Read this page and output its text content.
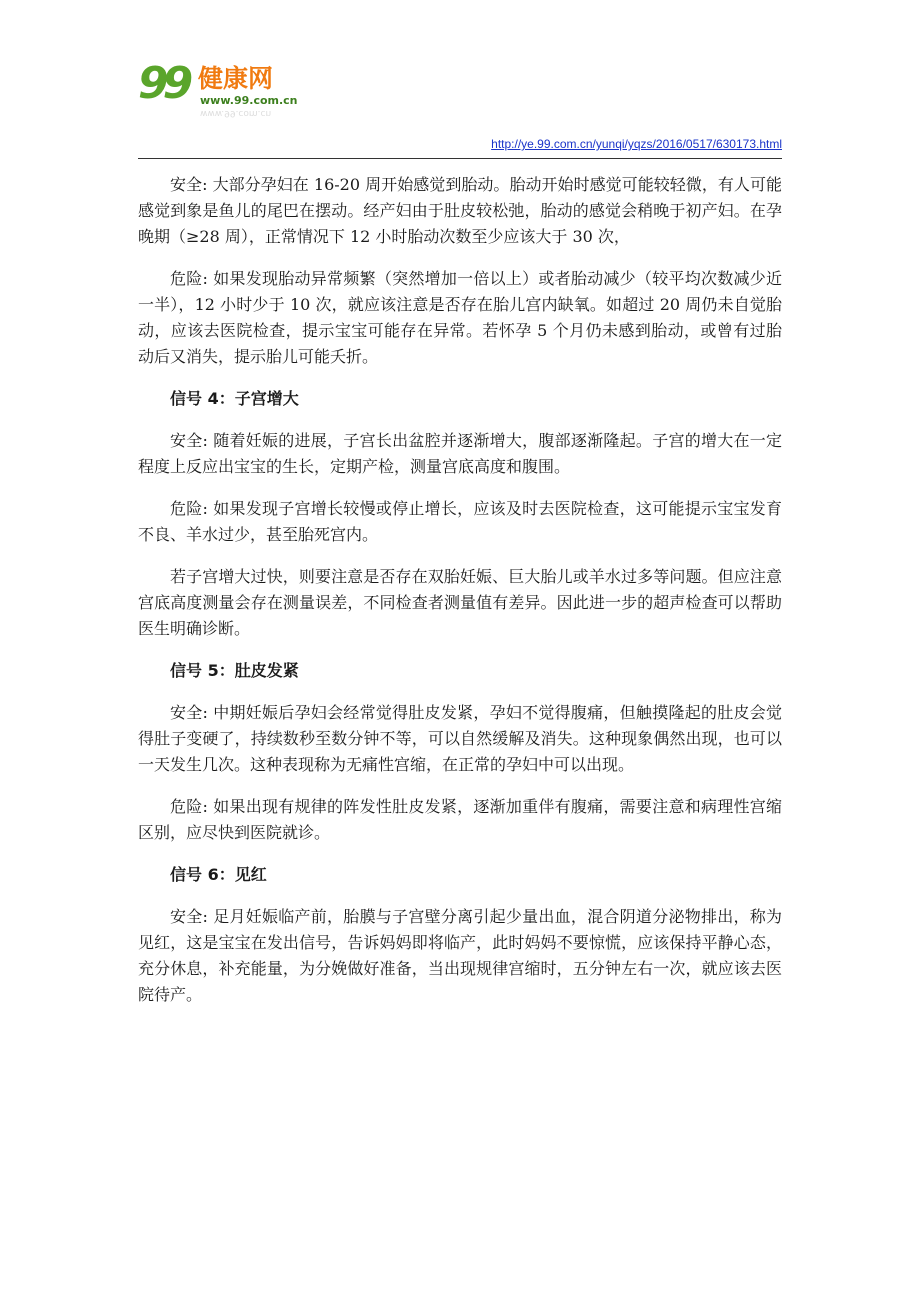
99 健康网
www.99.com.cn
www.99.com.cn
http://ye.99.com.cn/yunqi/yqzs/2016/0517/630173.html

安全: 大部分孕妇在 16-20 周开始感觉到胎动。胎动开始时感觉可能较轻微，有人可能感觉到象是鱼儿的尾巴在摆动。经产妇由于肚皮较松弛，胎动的感觉会稍晚于初产妇。在孕晚期（≥28 周），正常情况下 12 小时胎动次数至少应该大于 30 次，

危险: 如果发现胎动异常频繁（突然增加一倍以上）或者胎动减少（较平均次数减少近一半），12 小时少于 10 次，就应该注意是否存在胎儿宫内缺氧。如超过 20 周仍未自觉胎动，应该去医院检查，提示宝宝可能存在异常。若怀孕 5 个月仍未感到胎动，或曾有过胎动后又消失，提示胎儿可能夭折。

信号 4：子宫增大

安全: 随着妊娠的进展，子宫长出盆腔并逐渐增大，腹部逐渐隆起。子宫的增大在一定程度上反应出宝宝的生长，定期产检，测量宫底高度和腹围。

危险: 如果发现子宫增长较慢或停止增长，应该及时去医院检查，这可能提示宝宝发育不良、羊水过少，甚至胎死宫内。

若子宫增大过快，则要注意是否存在双胎妊娠、巨大胎儿或羊水过多等问题。但应注意宫底高度测量会存在测量误差，不同检查者测量值有差异。因此进一步的超声检查可以帮助医生明确诊断。

信号 5：肚皮发紧

安全: 中期妊娠后孕妇会经常觉得肚皮发紧，孕妇不觉得腹痛，但触摸隆起的肚皮会觉得肚子变硬了，持续数秒至数分钟不等，可以自然缓解及消失。这种现象偶然出现，也可以一天发生几次。这种表现称为无痛性宫缩，在正常的孕妇中可以出现。

危险: 如果出现有规律的阵发性肚皮发紧，逐渐加重伴有腹痛，需要注意和病理性宫缩区别，应尽快到医院就诊。

信号 6：见红

安全: 足月妊娠临产前，胎膜与子宫壁分离引起少量出血，混合阴道分泌物排出，称为见红，这是宝宝在发出信号，告诉妈妈即将临产，此时妈妈不要惊慌，应该保持平静心态，充分休息，补充能量，为分娩做好准备，当出现规律宫缩时，五分钟左右一次，就应该去医院待产。
